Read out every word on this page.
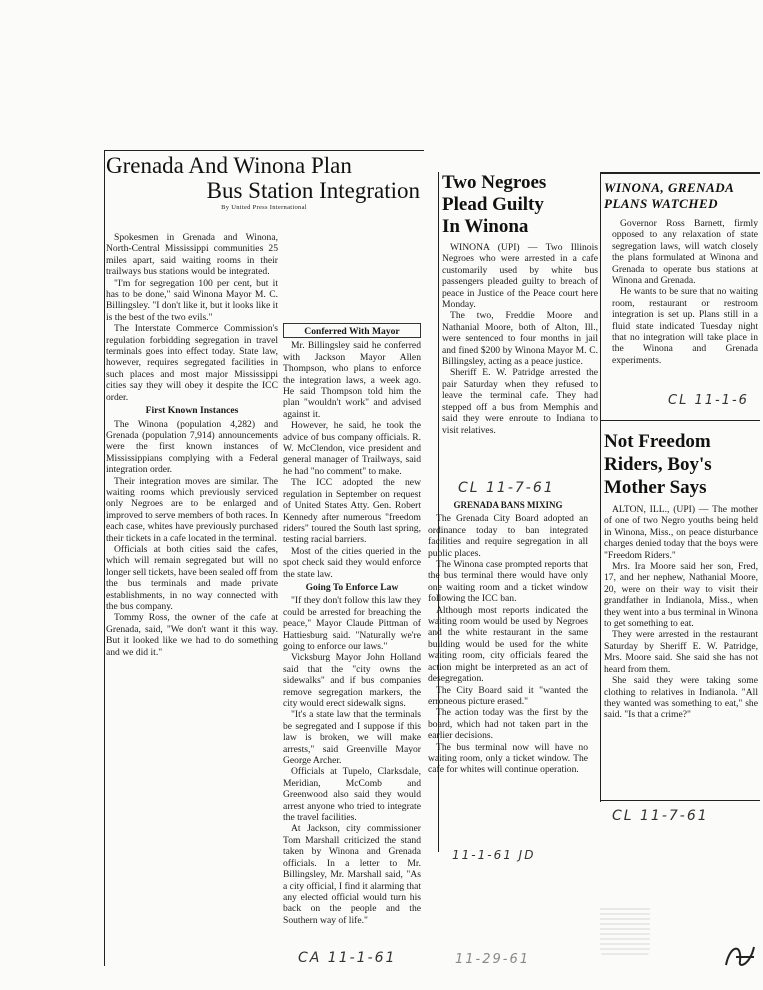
Grenada And Winona Plan
Bus Station Integration
By United Press International

Spokesmen in Grenada and Winona, North-Central Mississippi communities 25 miles apart, said waiting rooms in their trailways bus stations would be integrated.

"I'm for segregation 100 per cent, but it has to be done," said Winona Mayor M. C. Billingsley. "I don't like it, but it looks like it is the best of the two evils."

The Interstate Commerce Commission's regulation forbidding segregation in travel terminals goes into effect today. State law, however, requires segregated facilities in such places and most major Mississippi cities say they will obey it despite the ICC order.

First Known Instances

The Winona (population 4,282) and Grenada (population 7,914) announcements were the first known instances of Mississippians complying with a Federal integration order.

Their integration moves are similar. The waiting rooms which previously serviced only Negroes are to be enlarged and improved to serve members of both races. In each case, whites have previously purchased their tickets in a cafe located in the terminal.

Officials at both cities said the cafes, which will remain segregated but will no longer sell tickets, have been sealed off from the bus terminals and made private establishments, in no way connected with the bus company.

Tommy Ross, the owner of the cafe at Grenada, said, "We don't want it this way. But it looked like we had to do something and we did it."

Conferred With Mayor

Mr. Billingsley said he conferred with Jackson Mayor Allen Thompson, who plans to enforce the integration laws, a week ago. He said Thompson told him the plan "wouldn't work" and advised against it.

However, he said, he took the advice of bus company officials. R. W. McClendon, vice president and general manager of Trailways, said he had "no comment" to make.

The ICC adopted the new regulation in September on request of United States Atty. Gen. Robert Kennedy after numerous "freedom riders" toured the South last spring, testing racial barriers.

Most of the cities queried in the spot check said they would enforce the state law.

Going To Enforce Law

"If they don't follow this law they could be arrested for breaching the peace," Mayor Claude Pittman of Hattiesburg said. "Naturally we're going to enforce our laws."

Vicksburg Mayor John Holland said that the "city owns the sidewalks" and if bus companies remove segregation markers, the city would erect sidewalk signs.

"It's a state law that the terminals be segregated and I suppose if this law is broken, we will make arrests," said Greenville Mayor George Archer.

Officials at Tupelo, Clarksdale, Meridian, McComb and Greenwood also said they would arrest anyone who tried to integrate the travel facilities.

At Jackson, city commissioner Tom Marshall criticized the stand taken by Winona and Grenada officials. In a letter to Mr. Billingsley, Mr. Marshall said, "As a city official, I find it alarming that any elected official would turn his back on the people and the Southern way of life."

CA 11-1-61
Two Negroes
Plead Guilty
In Winona

WINONA (UPI) — Two Illinois Negroes who were arrested in a cafe customarily used by white bus passengers pleaded guilty to breach of peace in Justice of the Peace court here Monday.

The two, Freddie Moore and Nathanial Moore, both of Alton, Ill., were sentenced to four months in jail and fined $200 by Winona Mayor M. C. Billingsley, acting as a peace justice.

Sheriff E. W. Patridge arrested the pair Saturday when they refused to leave the terminal cafe. They had stepped off a bus from Memphis and said they were enroute to Indiana to visit relatives.

CL 11-7-61
GRENADA BANS MIXING

The Grenada City Board adopted an ordinance today to ban integrated facilities and require segregation in all public places.

The Winona case prompted reports that the bus terminal there would have only one waiting room and a ticket window following the ICC ban.

Although most reports indicated the waiting room would be used by Negroes and the white restaurant in the same building would be used for the white waiting room, city officials feared the action might be interpreted as an act of desegregation.

The City Board said it "wanted the erroneous picture erased."

The action today was the first by the board, which had not taken part in the earlier decisions.

The bus terminal now will have no waiting room, only a ticket window. The cafe for whites will continue operation.

11-1-61 JD
WINONA, GRENADA
PLANS WATCHED

Governor Ross Barnett, firmly opposed to any relaxation of state segregation laws, will watch closely the plans formulated at Winona and Grenada to operate bus stations at Winona and Grenada.

He wants to be sure that no waiting room, restaurant or restroom integration is set up. Plans still in a fluid state indicated Tuesday night that no integration will take place in the Winona and Grenada experiments.

CL 11-1-6
Not Freedom
Riders, Boy's
Mother Says

ALTON, ILL., (UPI) — The mother of one of two Negro youths being held in Winona, Miss., on peace disturbance charges denied today that the boys were "Freedom Riders."

Mrs. Ira Moore said her son, Fred, 17, and her nephew, Nathanial Moore, 20, were on their way to visit their grandfather in Indianola, Miss., when they went into a bus terminal in Winona to get something to eat.

They were arrested in the restaurant Saturday by Sheriff E. W. Patridge, Mrs. Moore said. She said she has not heard from them.

She said they were taking some clothing to relatives in Indianola. "All they wanted was something to eat," she said. "Is that a crime?"

CL 11-7-61
11-29-61
